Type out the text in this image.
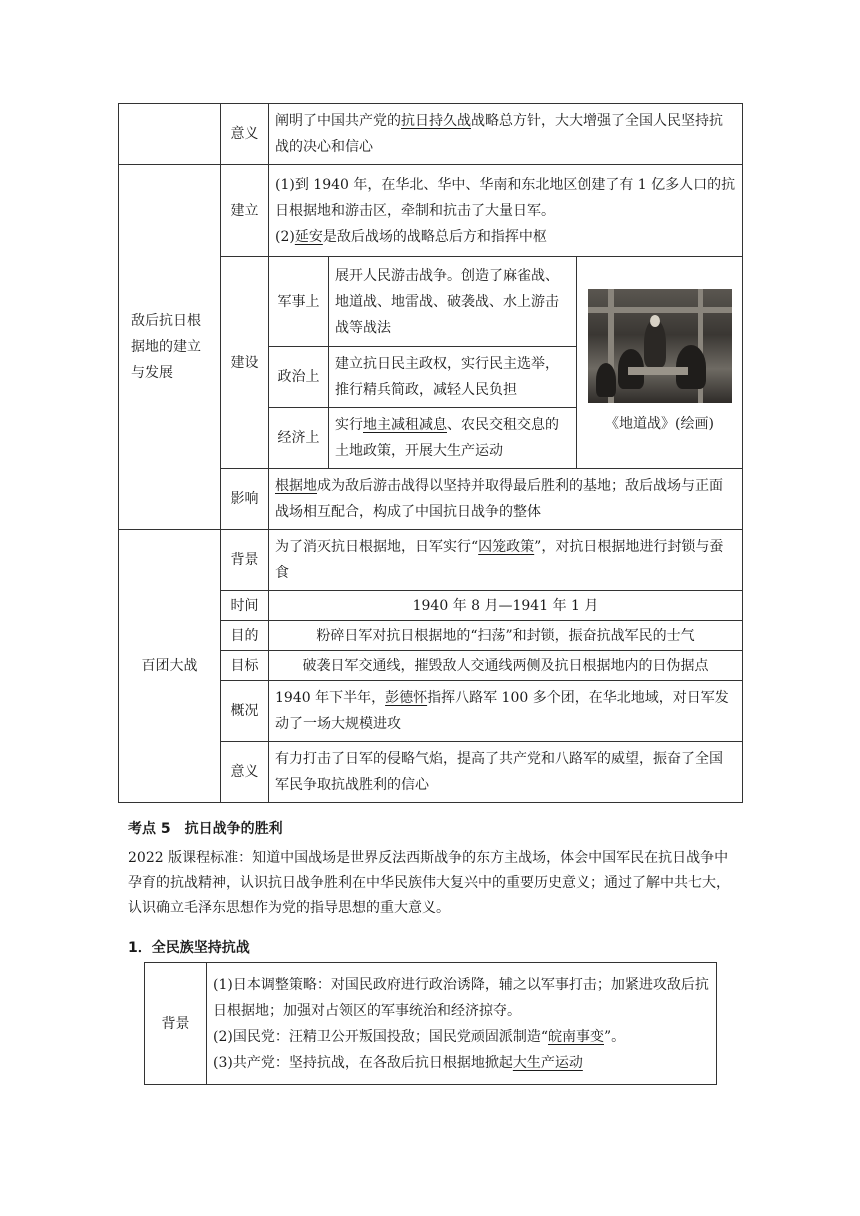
	意义	阐明了中国共产党的抗日持久战战略总方针，大大增强了全国人民坚持抗战的决心和信心		
敌后抗日根据地的建立与发展	建立	(1)到 1940 年，在华北、华中、华南和东北地区创建了有 1 亿多人口的抗日根据地和游击区，牵制和抗击了大量日军。
(2)延安是敌后战场的战略总后方和指挥中枢		

	建设	军事上	展开人民游击战争。创造了麻雀战、地道战、地雷战、破袭战、水上游击战等战法	《地道战》(绘画)

		政治上	建立抗日民主政权，实行民主选举，推行精兵简政，减轻人民负担	
		经济上	实行地主减租减息、农民交租交息的土地政策，开展大生产运动	
	影响	根据地成为敌后游击战得以坚持并取得最后胜利的基地；敌后战场与正面战场相互配合，构成了中国抗日战争的整体		
百团大战	背景	为了消灭抗日根据地，日军实行“囚笼政策”，对抗日根据地进行封锁与蚕食		
	时间	1940 年 8 月—1941 年 1 月		
	目的	粉碎日军对抗日根据地的“扫荡”和封锁，振奋抗战军民的士气		
	目标	破袭日军交通线，摧毁敌人交通线两侧及抗日根据地内的日伪据点		
	概况	1940 年下半年，彭德怀指挥八路军 100 多个团，在华北地域，对日军发动了一场大规模进攻		
	意义	有力打击了日军的侵略气焰，提高了共产党和八路军的威望，振奋了全国军民争取抗战胜利的信心		
考点 5　抗日战争的胜利
2022 版课程标准：知道中国战场是世界反法西斯战争的东方主战场，体会中国军民在抗日战争中孕育的抗战精神，认识抗日战争胜利在中华民族伟大复兴中的重要历史意义；通过了解中共七大，认识确立毛泽东思想作为党的指导思想的重大意义。
1．全民族坚持抗战
背景	
(1)日本调整策略：对国民政府进行政治诱降，辅之以军事打击；加紧进攻敌后抗日根据地；加强对占领区的军事统治和经济掠夺。
(2)国民党：汪精卫公开叛国投敌；国民党顽固派制造“皖南事变”。
(3)共产党：坚持抗战，在各敌后抗日根据地掀起大生产运动
